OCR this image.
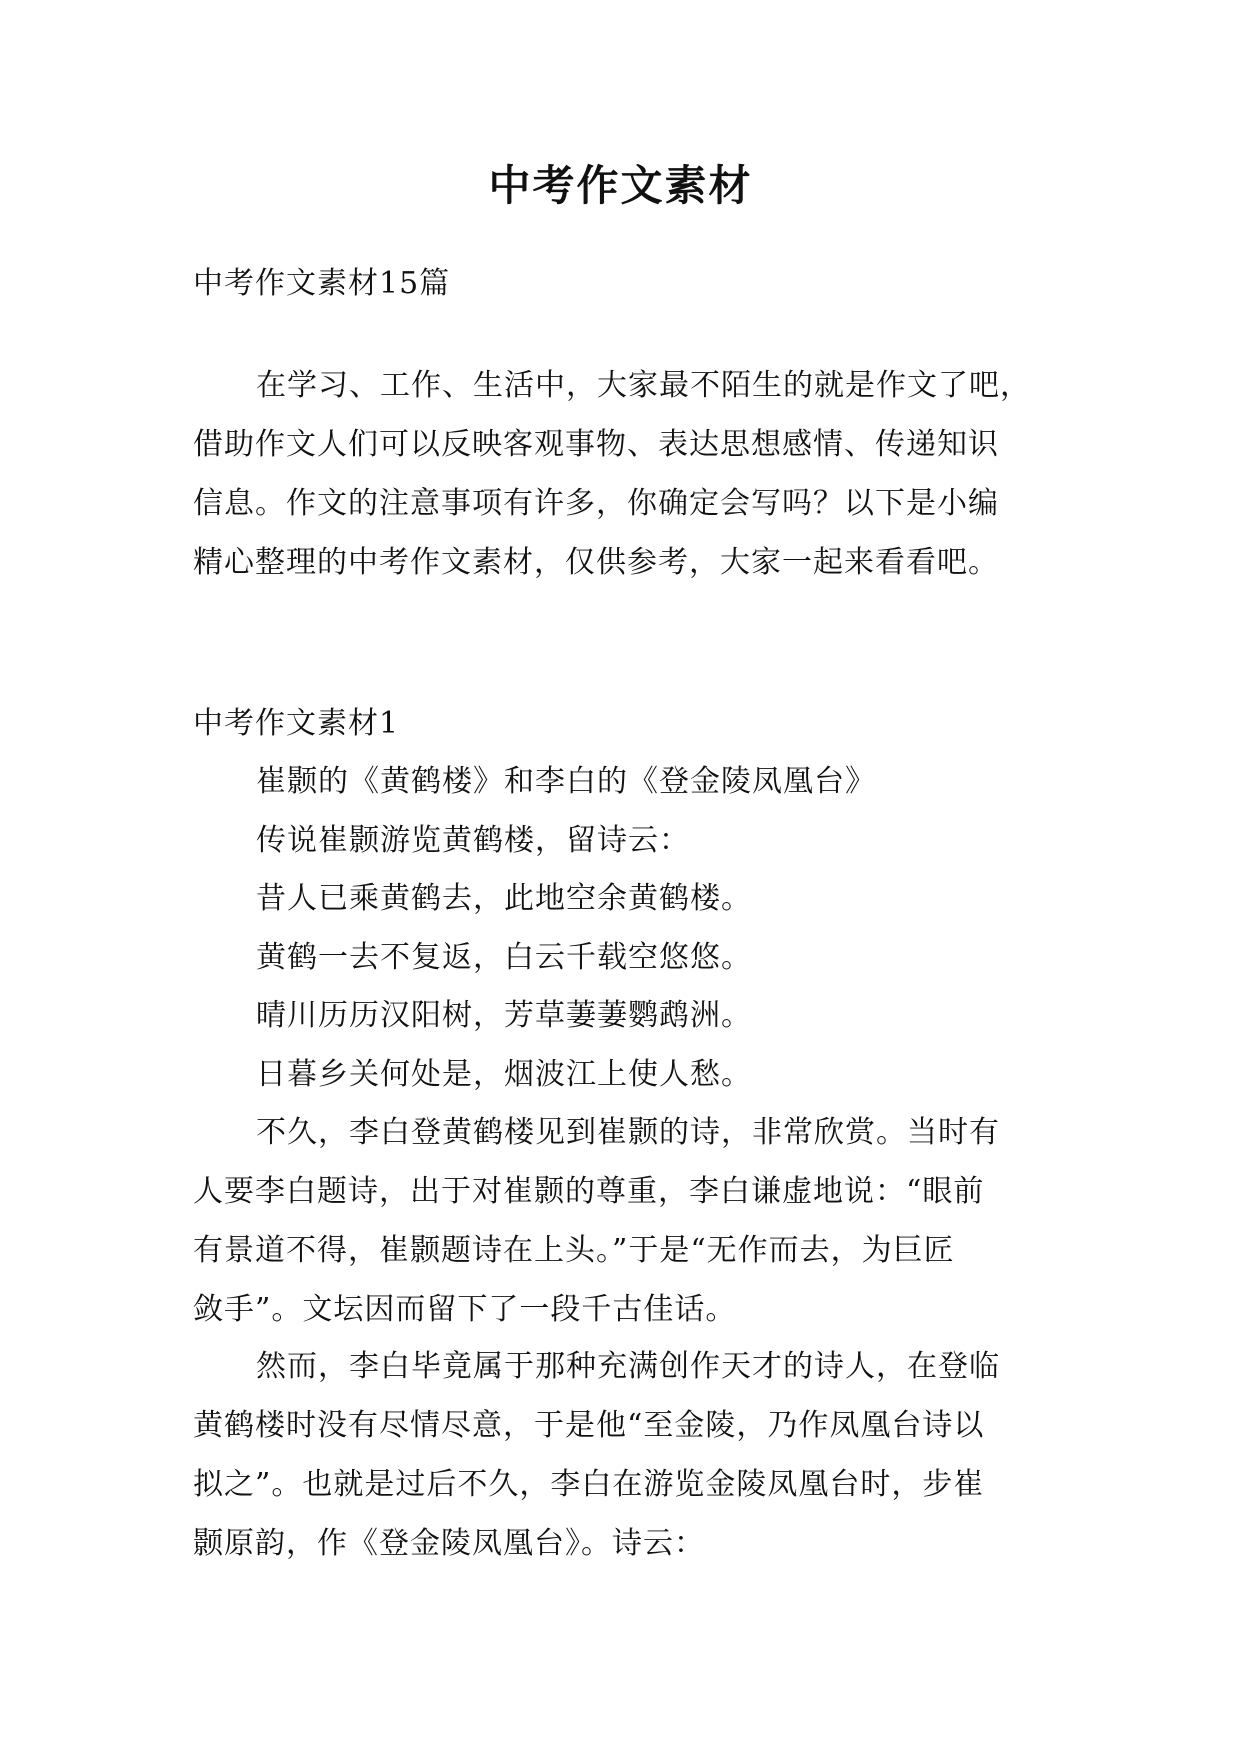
中考作文素材
中考作文素材15篇
在学习、工作、生活中，大家最不陌生的就是作文了吧，
借助作文人们可以反映客观事物、表达思想感情、传递知识
信息。作文的注意事项有许多，你确定会写吗？以下是小编
精心整理的中考作文素材，仅供参考，大家一起来看看吧。
中考作文素材1
崔颢的《黄鹤楼》和李白的《登金陵凤凰台》
传说崔颢游览黄鹤楼，留诗云：
昔人已乘黄鹤去，此地空余黄鹤楼。
黄鹤一去不复返，白云千载空悠悠。
晴川历历汉阳树，芳草萋萋鹦鹉洲。
日暮乡关何处是，烟波江上使人愁。
不久，李白登黄鹤楼见到崔颢的诗，非常欣赏。当时有
人要李白题诗，出于对崔颢的尊重，李白谦虚地说：“眼前
有景道不得，崔颢题诗在上头。”于是“无作而去，为巨匠
敛手”。文坛因而留下了一段千古佳话。
然而，李白毕竟属于那种充满创作天才的诗人，在登临
黄鹤楼时没有尽情尽意，于是他“至金陵，乃作凤凰台诗以
拟之”。也就是过后不久，李白在游览金陵凤凰台时，步崔
颢原韵，作《登金陵凤凰台》。诗云：
